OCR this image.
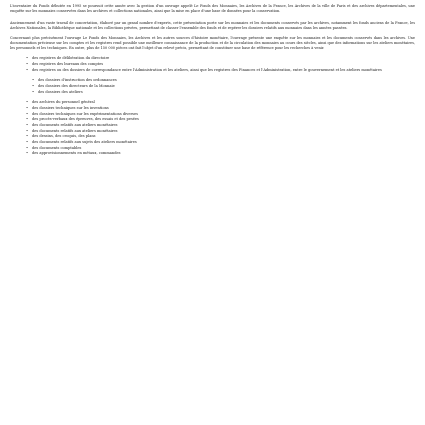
L'inventaire du Fonds débutée en 1995 se poursuit cette année avec la gestion d'un ouvrage appelé Le Fonds des Monnaies, les Archives de la France, les Archives de la ville de Paris et des archives départementales, une enquête sur les monnaies conservées dans les archives et collections nationales, ainsi que la mise en place d'une base de données pour la conservation.

Anciennement d'un vaste travail de concertation, élaboré par un grand nombre d'experts, cette présentation porte sur les monnaies et les documents conservés par les archives, notamment les fonds anciens de la France, les Archives Nationales, la Bibliothèque nationale et les collections privées, permettant de classer l'ensemble des fonds et de repérer les dossiers relatifs aux monnaies dans les années passées.

Concernant plus précisément l'ouvrage Le Fonds des Monnaies, les Archives et les autres sources d'histoire monétaire, l'ouvrage présente une enquête sur les monnaies et les documents conservés dans les archives. Une documentation précieuse sur les comptes et les registres rend possible une meilleure connaissance de la production et de la circulation des monnaies au cours des siècles, ainsi que des informations sur les ateliers monétaires, les personnels et les techniques. En outre, plus de 150 000 pièces ont fait l'objet d'un relevé précis, permettant de constituer une base de référence pour les recherches à venir.

• des registres de délibération du directoire
• des registres des bureaux des comptes
• des registres ou des dossiers de correspondance entre l'Administration et les ateliers, ainsi que les registres des Finances et l'Administration, entre le gouvernement et les ateliers monétaires
• des dossiers d'instruction des ordonnances
• des dossiers des directeurs de la Monnaie
• des dossiers des ateliers
• des archives du personnel général
• des dossiers techniques sur les inventions
• des dossiers techniques sur les expérimentations diverses
• des procès-verbaux des épreuves, des essais et des pesées
• des documents relatifs aux ateliers monétaires
• des documents relatifs aux ateliers monétaires
• des dessins, des croquis, des plans
• des documents relatifs aux sujets des ateliers monétaires
• des documents comptables
• des approvisionnements en métaux, commandes
